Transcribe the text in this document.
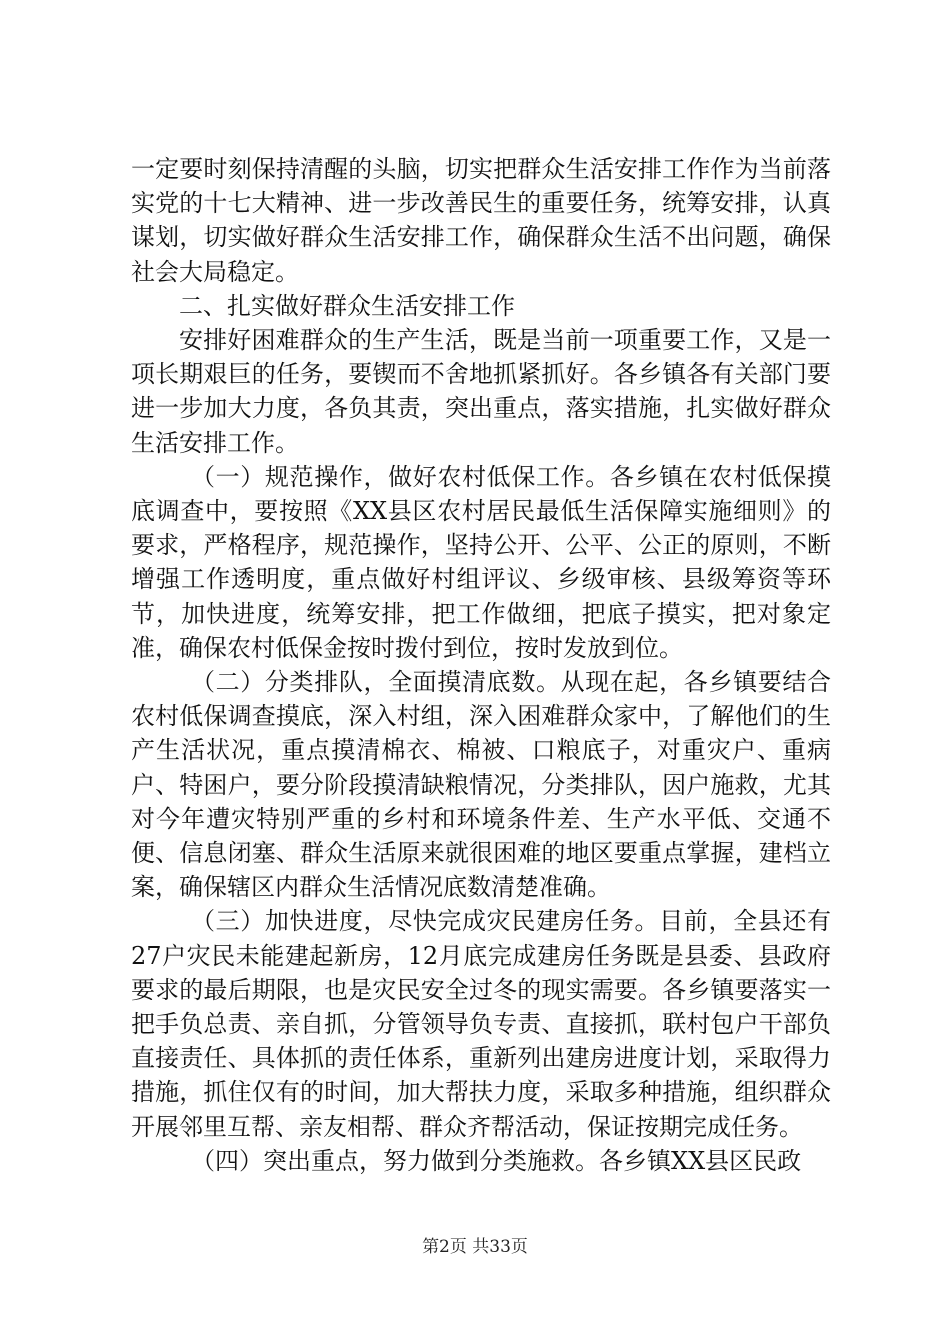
一定要时刻保持清醒的头脑，切实把群众生活安排工作作为当前落实党的十七大精神、进一步改善民生的重要任务，统筹安排，认真谋划，切实做好群众生活安排工作，确保群众生活不出问题，确保社会大局稳定。

二、扎实做好群众生活安排工作

安排好困难群众的生产生活，既是当前一项重要工作，又是一项长期艰巨的任务，要锲而不舍地抓紧抓好。各乡镇各有关部门要进一步加大力度，各负其责，突出重点，落实措施，扎实做好群众生活安排工作。

（一）规范操作，做好农村低保工作。各乡镇在农村低保摸底调查中，要按照《XX县区农村居民最低生活保障实施细则》的要求，严格程序，规范操作，坚持公开、公平、公正的原则，不断增强工作透明度，重点做好村组评议、乡级审核、县级筹资等环节，加快进度，统筹安排，把工作做细，把底子摸实，把对象定准，确保农村低保金按时拨付到位，按时发放到位。

（二）分类排队，全面摸清底数。从现在起，各乡镇要结合农村低保调查摸底，深入村组，深入困难群众家中，了解他们的生产生活状况，重点摸清棉衣、棉被、口粮底子，对重灾户、重病户、特困户，要分阶段摸清缺粮情况，分类排队，因户施救，尤其对今年遭灾特别严重的乡村和环境条件差、生产水平低、交通不便、信息闭塞、群众生活原来就很困难的地区要重点掌握，建档立案，确保辖区内群众生活情况底数清楚准确。

（三）加快进度，尽快完成灾民建房任务。目前，全县还有27户灾民未能建起新房，12月底完成建房任务既是县委、县政府要求的最后期限，也是灾民安全过冬的现实需要。各乡镇要落实一把手负总责、亲自抓，分管领导负专责、直接抓，联村包户干部负直接责任、具体抓的责任体系，重新列出建房进度计划，采取得力措施，抓住仅有的时间，加大帮扶力度，采取多种措施，组织群众开展邻里互帮、亲友相帮、群众齐帮活动，保证按期完成任务。

（四）突出重点，努力做到分类施救。各乡镇XX县区民政

第2页 共33页
